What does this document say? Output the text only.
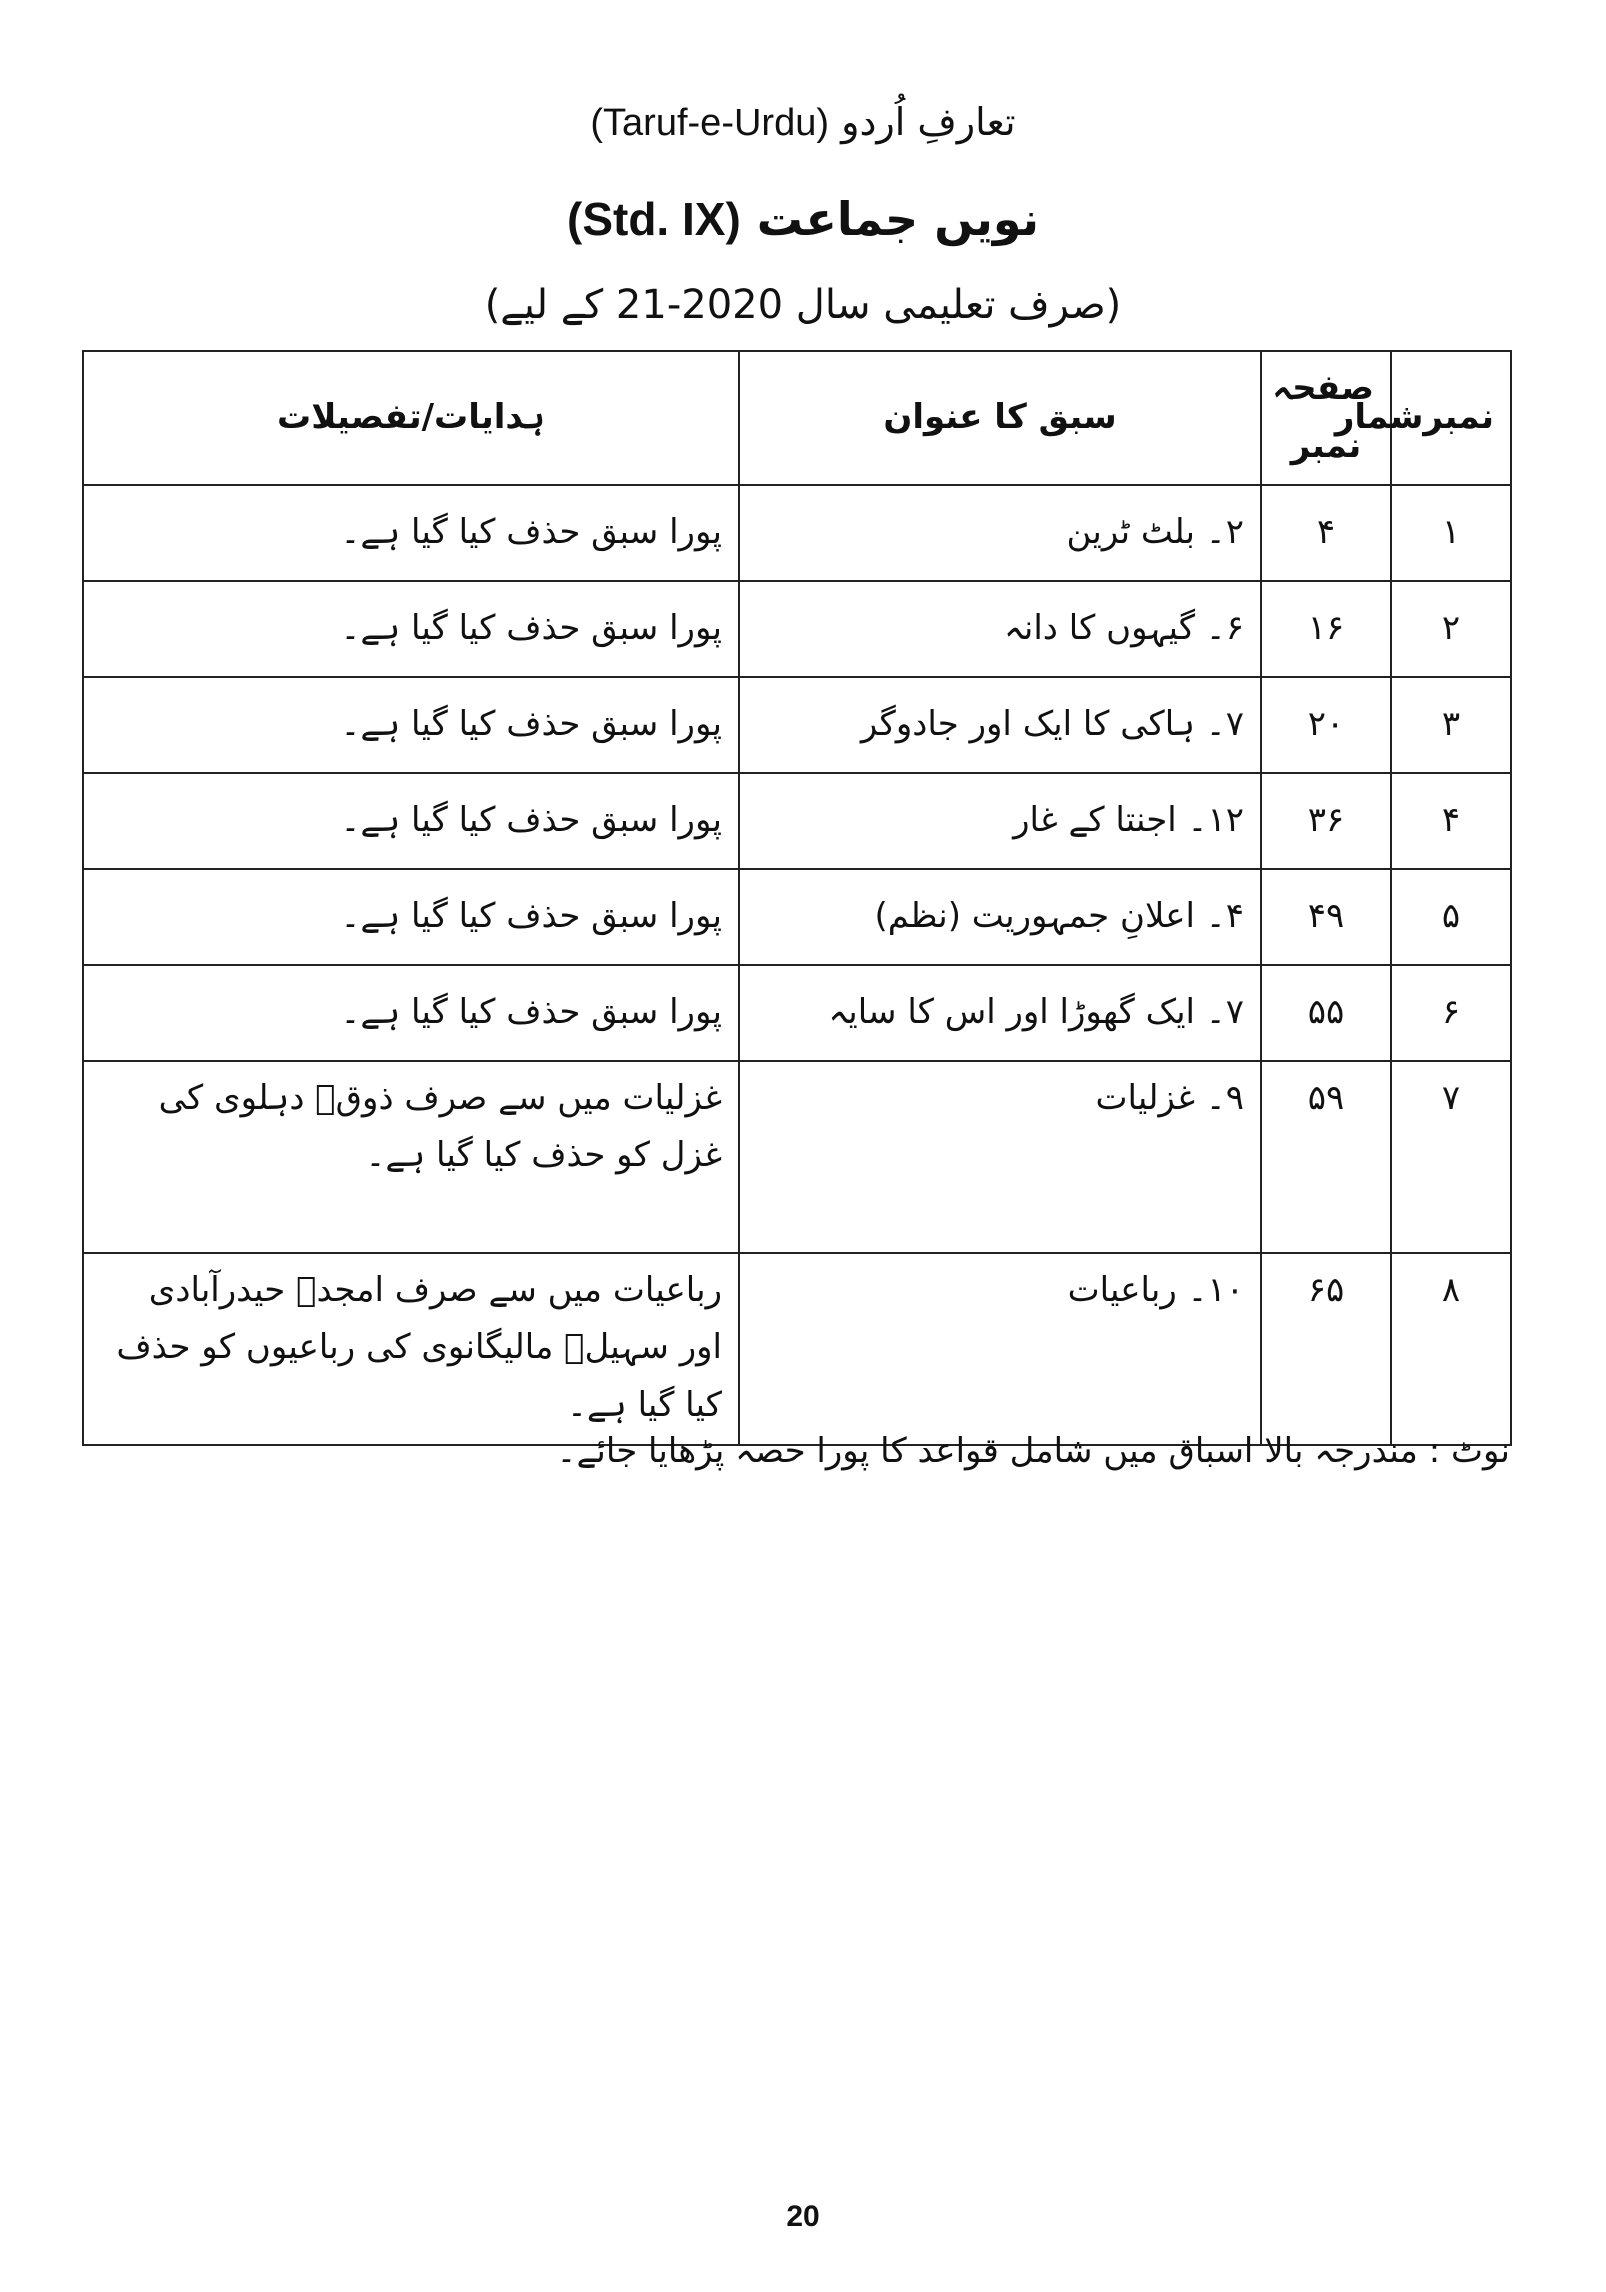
تعارفِ اُردو (Taruf-e-Urdu)
نویں جماعت (Std. IX)
(صرف تعلیمی سال 2020-21 کے لیے)
نمبرشمار	صفحہ نمبر	سبق کا عنوان	ہدایات/تفصیلات
۱	۴	۲۔ بلٹ ٹرین	پورا سبق حذف کیا گیا ہے۔
۲	۱۶	۶۔ گیہوں کا دانہ	پورا سبق حذف کیا گیا ہے۔
۳	۲۰	۷۔ ہاکی کا ایک اور جادوگر	پورا سبق حذف کیا گیا ہے۔
۴	۳۶	۱۲۔ اجنتا کے غار	پورا سبق حذف کیا گیا ہے۔
۵	۴۹	۴۔ اعلانِ جمہوریت (نظم)	پورا سبق حذف کیا گیا ہے۔
۶	۵۵	۷۔ ایک گھوڑا اور اس کا سایہ	پورا سبق حذف کیا گیا ہے۔
۷	۵۹	۹۔ غزلیات	غزلیات میں سے صرف ذوقؔ دہلوی کی غزل کو حذف کیا گیا ہے۔
۸	۶۵	۱۰۔ رباعیات	رباعیات میں سے صرف امجدؔ حیدرآبادی اور سہیلؔ مالیگانوی کی رباعیوں کو حذف کیا گیا ہے۔
نوٹ : مندرجہ بالا اسباق میں شامل قواعد کا پورا حصہ پڑھایا جائے۔
20
